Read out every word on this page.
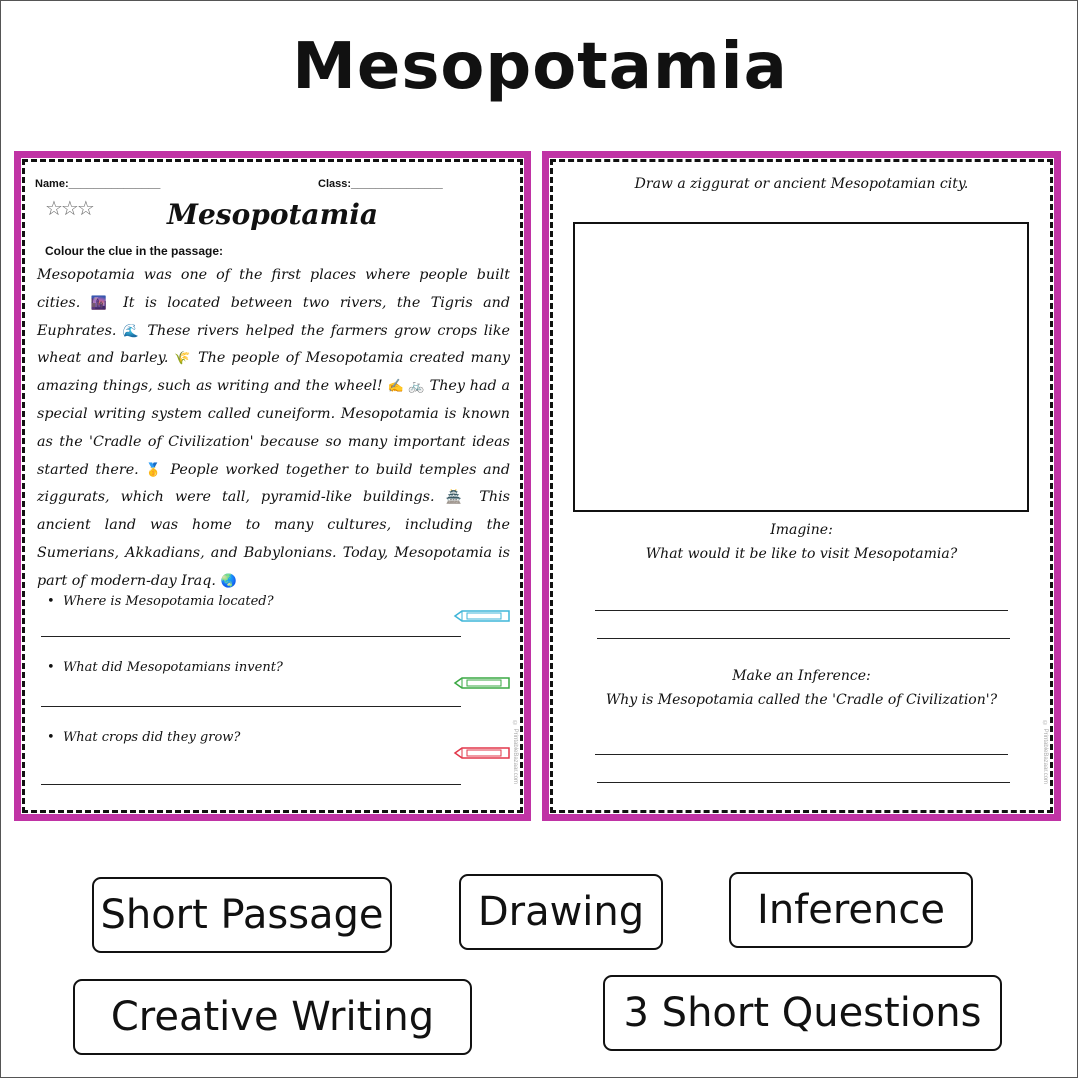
Mesopotamia
Name:_______________	Class:_______________
☆☆☆	Mesopotamia
Colour the clue in the passage:
Mesopotamia was one of the first places where people built cities. 🌆 It is located between two rivers, the Tigris and Euphrates. 🌊 These rivers helped the farmers grow crops like wheat and barley. 🌾 The people of Mesopotamia created many amazing things, such as writing and the wheel! ✍️ 🚲 They had a special writing system called cuneiform. Mesopotamia is known as the 'Cradle of Civilization' because so many important ideas started there. 🥇 People worked together to build temples and ziggurats, which were tall, pyramid-like buildings. 🏯 This ancient land was home to many cultures, including the Sumerians, Akkadians, and Babylonians. Today, Mesopotamia is part of modern-day Iraq. 🌏
•  Where is Mesopotamia located?
•  What did Mesopotamians invent?
•  What crops did they grow?	© PrintableBazaar.com
Draw a ziggurat or ancient Mesopotamian city.
Imagine:
What would it be like to visit Mesopotamia?
Make an Inference:
Why is Mesopotamia called the 'Cradle of Civilization'?
© PrintableBazaar.com
Short Passage	Drawing	Inference
Creative Writing	3 Short Questions
